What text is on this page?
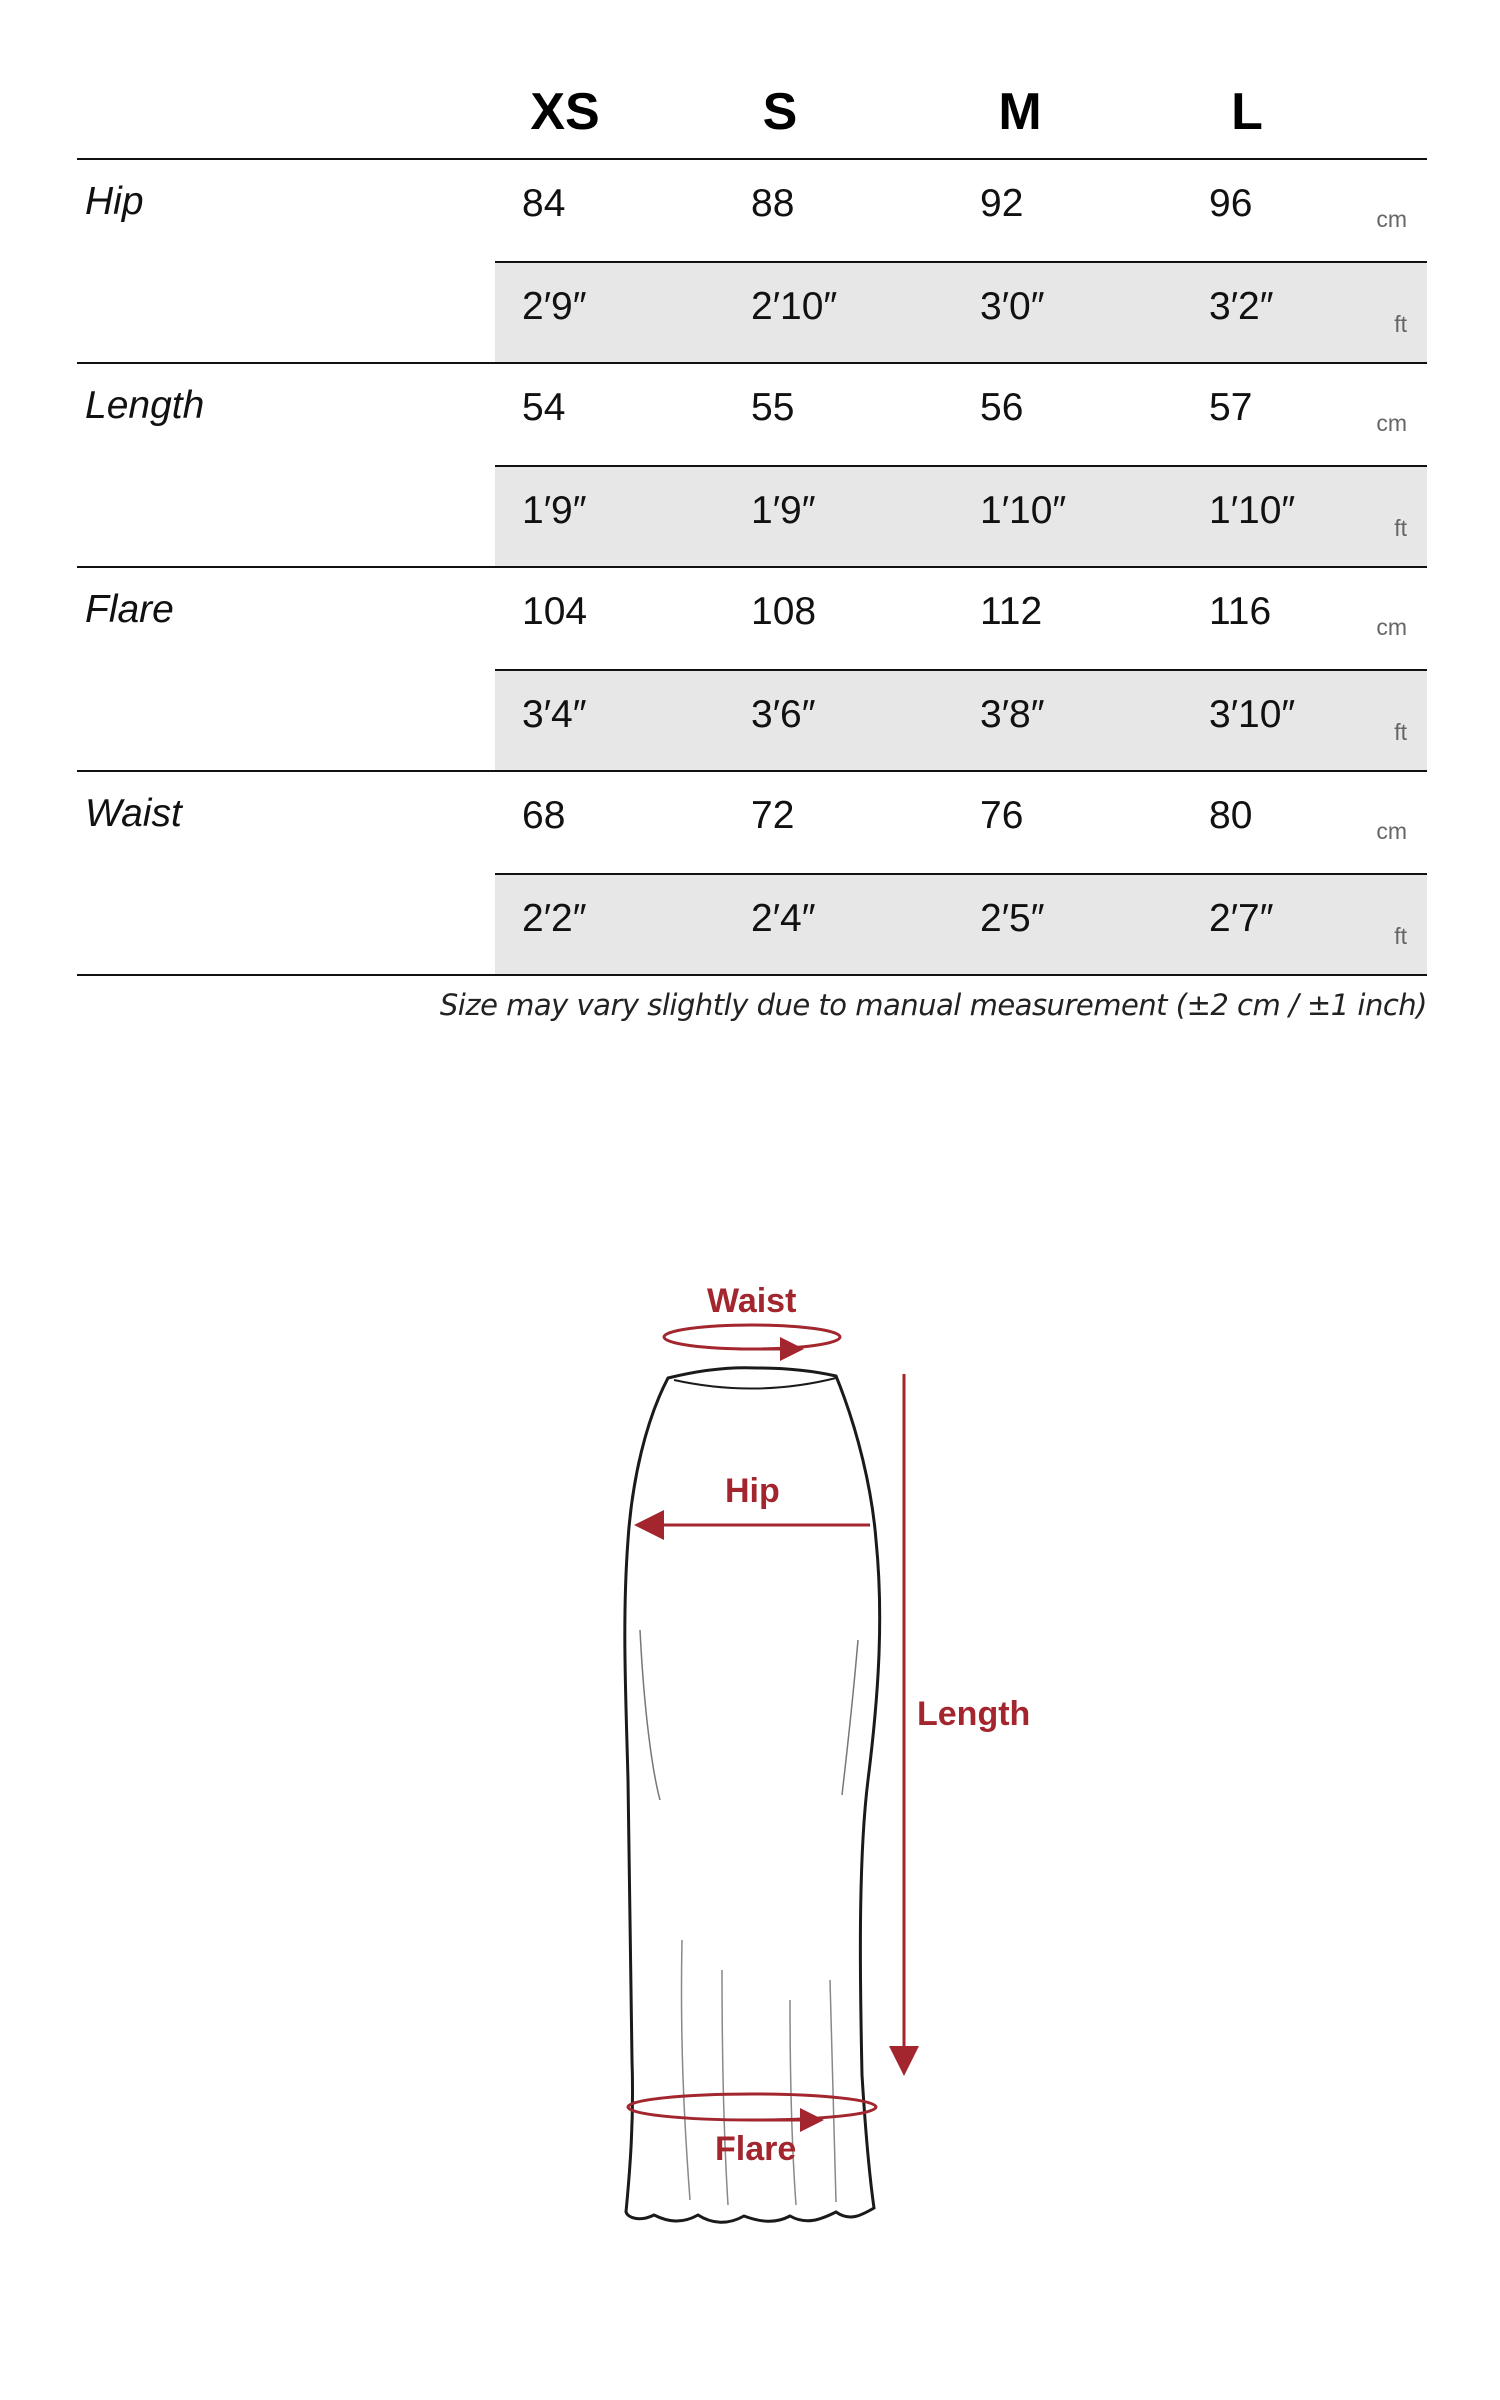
XS	S	M	L
Hip	84	88	92	96	cm
2′9″	2′10″	3′0″	3′2″	ft
Length	54	55	56	57	cm
1′9″	1′9″	1′10″	1′10″	ft
Flare	104	108	112	116	cm
3′4″	3′6″	3′8″	3′10″	ft
Waist	68	72	76	80	cm
2′2″	2′4″	2′5″	2′7″	ft
Size may vary slightly due to manual measurement (±2 cm / ±1 inch)
Waist
Hip
Length
Flare
